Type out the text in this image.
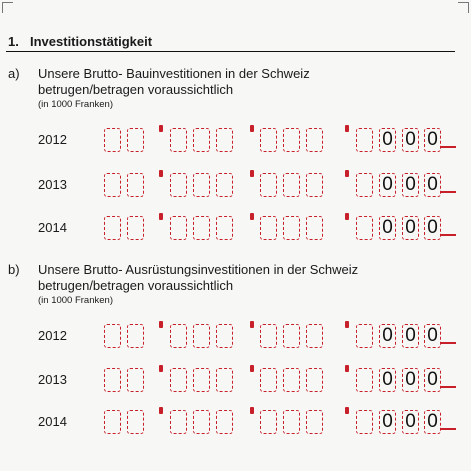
1. Investitionstätigkeit
a) Unsere Brutto- Bauinvestitionen in der Schweiz
betrugen/betragen voraussichtlich
(in 1000 Franken)
2012	0 0 0
2013	0 0 0
2014	0 0 0
b) Unsere Brutto- Ausrüstungsinvestitionen in der Schweiz
betrugen/betragen voraussichtlich
(in 1000 Franken)
2012	0 0 0
2013	0 0 0
2014	0 0 0
